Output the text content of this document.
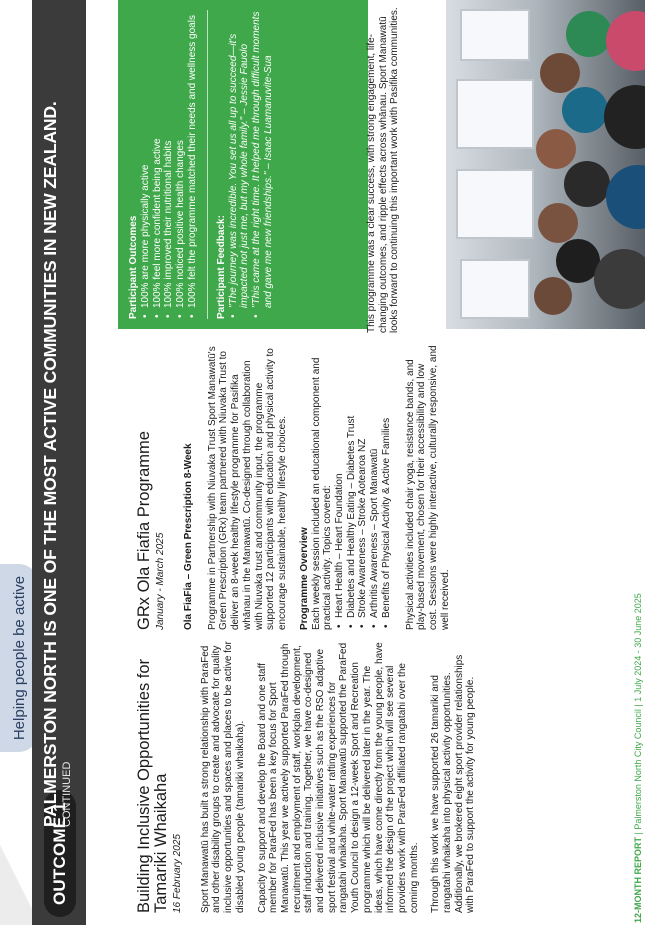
Helping people be active
OUTCOME 1
PALMERSTON NORTH IS ONE OF THE MOST ACTIVE COMMUNITIES IN NEW ZEALAND. CONTINUED	Building Inclusive Opportunities for Tamariki Whaikaha 16 February 2025 Sport Manawatū has built a strong relationship with ParaFed and other disability groups to create and advocate for quality inclusive opportunities and spaces and places to be active for disabled young people (tamariki whaikaha). Capacity to support and develop the Board and one staff member for ParaFed has been a key focus for Sport Manawatū. This year we actively supported ParaFed through recruitment and employment of staff, workplan development, staff induction and training. Together, we have co-designed and delivered inclusive initiatives such as the RSO adaptive sport festival and white-water rafting experiences for rangatahi whaikaha. Sport Manawatū supported the ParaFed Youth Council to design a 12-week Sport and Recreation programme which will be delivered later in the year. The ideas, which have come directly from the young people, have informed the design of the project which will see several providers work with ParaFed affiliated rangatahi over the coming months. Through this work we have supported 26 tamariki and rangatahi whaikaha into physical activity opportunities. Additionally, we brokered eight sport provider relationships with ParaFed to support the activity for young people.

GRx Ola Fiafia Programme January - March 2025 Ola FiaFia – Green Prescription 8-Week Programme in Partnership with Niuvaka Trust Sport Manawatū's Green Prescription (GRx) team partnered with Niuvaka Trust to deliver an 8-week healthy lifestyle programme for Pasifika whānau in the Manawatū. Co-designed through collaboration with Niuvaka trust and community input, the programme supported 12 participants with education and physical activity to encourage sustainable, healthy lifestyle choices. Programme Overview Each weekly session included an educational component and practical activity. Topics covered: • Heart Health – Heart Foundation • Diabetes and Healthy Eating – Diabetes Trust • Stroke Awareness – Stroke Aotearoa NZ • Arthritis Awareness – Sport Manawatū • Benefits of Physical Activity & Active Families Physical activities included chair yoga, resistance bands, and play-based movement, chosen for their accessibility and low cost. Sessions were highly interactive, culturally responsive, and well received.

Participant Outcomes • 100% are more physically active • 100% feel more confident being active • 100% improved their nutritional habits • 100% noticed positive health changes • 100% felt the programme matched their needs and wellness goals Participant Feedback: • "The journey was incredible. You set us all up to succeed—it's impacted not just me, but my whole family." – Jessie Fauolo • "This came at the right time. It helped me through difficult moments and gave me new friendships." – Isaac Luamanuvite-Sua	This programme was a clear success, with strong engagement, life-changing outcomes, and ripple effects across whānau. Sport Manawatū looks forward to continuing this important work with Pasifika communities.

12-MONTH REPORT | Palmerston North City Council | 1 July 2024 - 30 June 2025
